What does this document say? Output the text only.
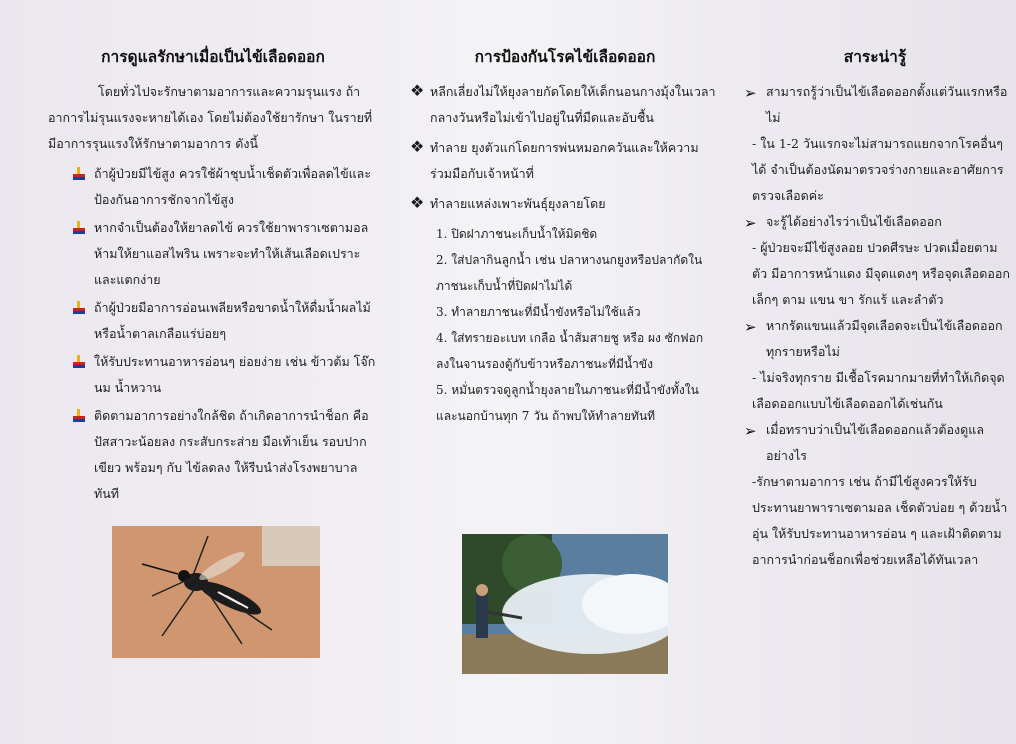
การดูแลรักษาเมื่อเป็นไข้เลือดออก

โดยทั่วไปจะรักษาตามอาการและความรุนแรง ถ้าอาการไม่รุนแรงจะหายได้เอง โดยไม่ต้องใช้ยารักษา ในรายที่มีอาการรุนแรงให้รักษาตามอาการ ดังนี้

ถ้าผู้ป่วยมีไข้สูง ควรใช้ผ้าชุบน้ำเช็ดตัวเพื่อลดไข้และป้องกันอาการชักจากไข้สูง
หากจำเป็นต้องให้ยาลดไข้ ควรใช้ยาพาราเซตามอล ห้ามให้ยาแอสไพริน เพราะจะทำให้เส้นเลือดเปราะและแตกง่าย
ถ้าผู้ป่วยมีอาการอ่อนเพลียหรือขาดน้ำให้ดื่มน้ำผลไม้หรือน้ำตาลเกลือแร่บ่อยๆ
ให้รับประทานอาหารอ่อนๆ ย่อยง่าย เช่น ข้าวต้ม โจ๊ก นม น้ำหวาน
ติดตามอาการอย่างใกล้ชิด ถ้าเกิดอาการนำช็อก คือ ปัสสาวะน้อยลง กระสับกระส่าย มือเท้าเย็น รอบปากเขียว พร้อมๆ กับ ไข้ลดลง ให้รีบนำส่งโรงพยาบาลทันที
การป้องกันโรคไข้เลือดออก
❖ หลีกเลี่ยงไม่ให้ยุงลายกัดโดยให้เด็กนอนกางมุ้งในเวลากลางวันหรือไม่เข้าไปอยู่ในที่มืดและอับชื้น

❖ ทำลาย ยุงตัวแก่โดยการพ่นหมอกควันและให้ความร่วมมือกับเจ้าหน้าที่

❖ ทำลายแหล่งเพาะพันธุ์ยุงลายโดย

1. ปิดฝาภาชนะเก็บน้ำให้มิดชิด
2. ใส่ปลากินลูกน้ำ เช่น ปลาหางนกยูงหรือปลากัดในภาชนะเก็บน้ำที่ปิดฝาไม่ได้
3. ทำลายภาชนะที่มีน้ำขังหรือไม่ใช้แล้ว
4. ใส่ทรายอะเบท เกลือ น้ำส้มสายชู หรือ ผง ซักฟอก ลงในจานรองตู้กับข้าวหรือภาชนะที่มีน้ำขัง
5. หมั่นตรวจดูลูกน้ำยุงลายในภาชนะที่มีน้ำขังทั้งในและนอกบ้านทุก 7 วัน ถ้าพบให้ทำลายทันที
สาระน่ารู้
➢ สามารถรู้ว่าเป็นไข้เลือดออกตั้งแต่วันแรกหรือไม่

- ใน 1-2 วันแรกจะไม่สามารถแยกจากโรคอื่นๆ ได้ จำเป็นต้องนัดมาตรวจร่างกายและอาศัยการตรวจเลือดค่ะ

➢ จะรู้ได้อย่างไรว่าเป็นไข้เลือดออก

- ผู้ป่วยจะมีไข้สูงลอย ปวดศีรษะ ปวดเมื่อยตามตัว มีอาการหน้าแดง มีจุดแดงๆ หรือจุดเลือดออกเล็กๆ ตาม แขน ขา รักแร้ และลำตัว

➢ หากรัดแขนแล้วมีจุดเลือดจะเป็นไข้เลือดออกทุกรายหรือไม่

- ไม่จริงทุกราย มีเชื้อโรคมากมายที่ทำให้เกิดจุดเลือดออกแบบไข้เลือดออกได้เช่นกัน

➢ เมื่อทราบว่าเป็นไข้เลือดออกแล้วต้องดูแลอย่างไร

-รักษาตามอาการ เช่น ถ้ามีไข้สูงควรให้รับประทานยาพาราเซตามอล เช็ดตัวบ่อย ๆ ด้วยน้ำอุ่น ให้รับประทานอาหารอ่อน ๆ และเฝ้าติดตามอาการนำก่อนช็อกเพื่อช่วยเหลือได้ทันเวลา
